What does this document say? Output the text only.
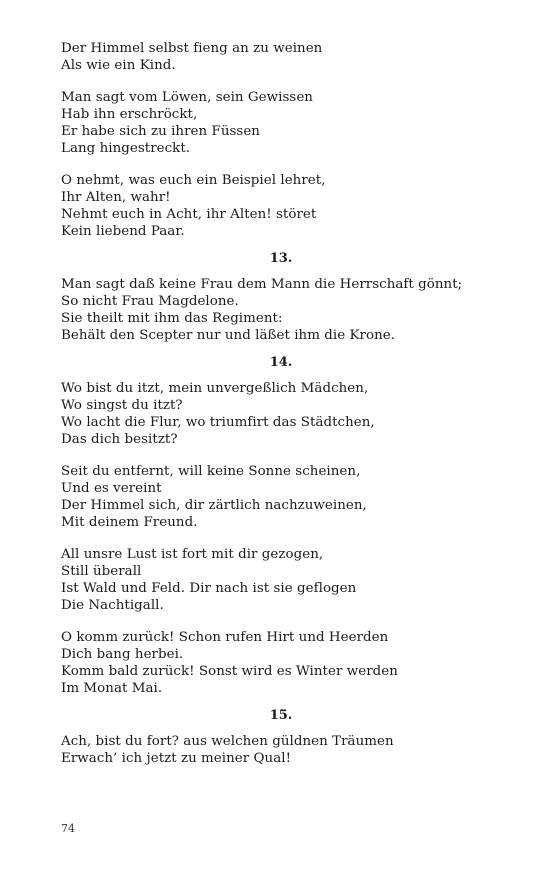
Der Himmel selbst fieng an zu weinen
Als wie ein Kind.
Man sagt vom Löwen, sein Gewissen
Hab ihn erschröckt,
Er habe sich zu ihren Füssen
Lang hingestreckt.
O nehmt, was euch ein Beispiel lehret,
Ihr Alten, wahr!
Nehmt euch in Acht, ihr Alten! störet
Kein liebend Paar.
13.
Man sagt daß keine Frau dem Mann die Herrschaft gönnt;
So nicht Frau Magdelone.
Sie theilt mit ihm das Regiment:
Behält den Scepter nur und läßet ihm die Krone.
14.
Wo bist du itzt, mein unvergeßlich Mädchen,
Wo singst du itzt?
Wo lacht die Flur, wo triumfirt das Städtchen,
Das dich besitzt?
Seit du entfernt, will keine Sonne scheinen,
Und es vereint
Der Himmel sich, dir zärtlich nachzuweinen,
Mit deinem Freund.
All unsre Lust ist fort mit dir gezogen,
Still überall
Ist Wald und Feld. Dir nach ist sie geflogen
Die Nachtigall.
O komm zurück! Schon rufen Hirt und Heerden
Dich bang herbei.
Komm bald zurück! Sonst wird es Winter werden
Im Monat Mai.
15.
Ach, bist du fort? aus welchen güldnen Träumen
Erwach’ ich jetzt zu meiner Qual!
74
